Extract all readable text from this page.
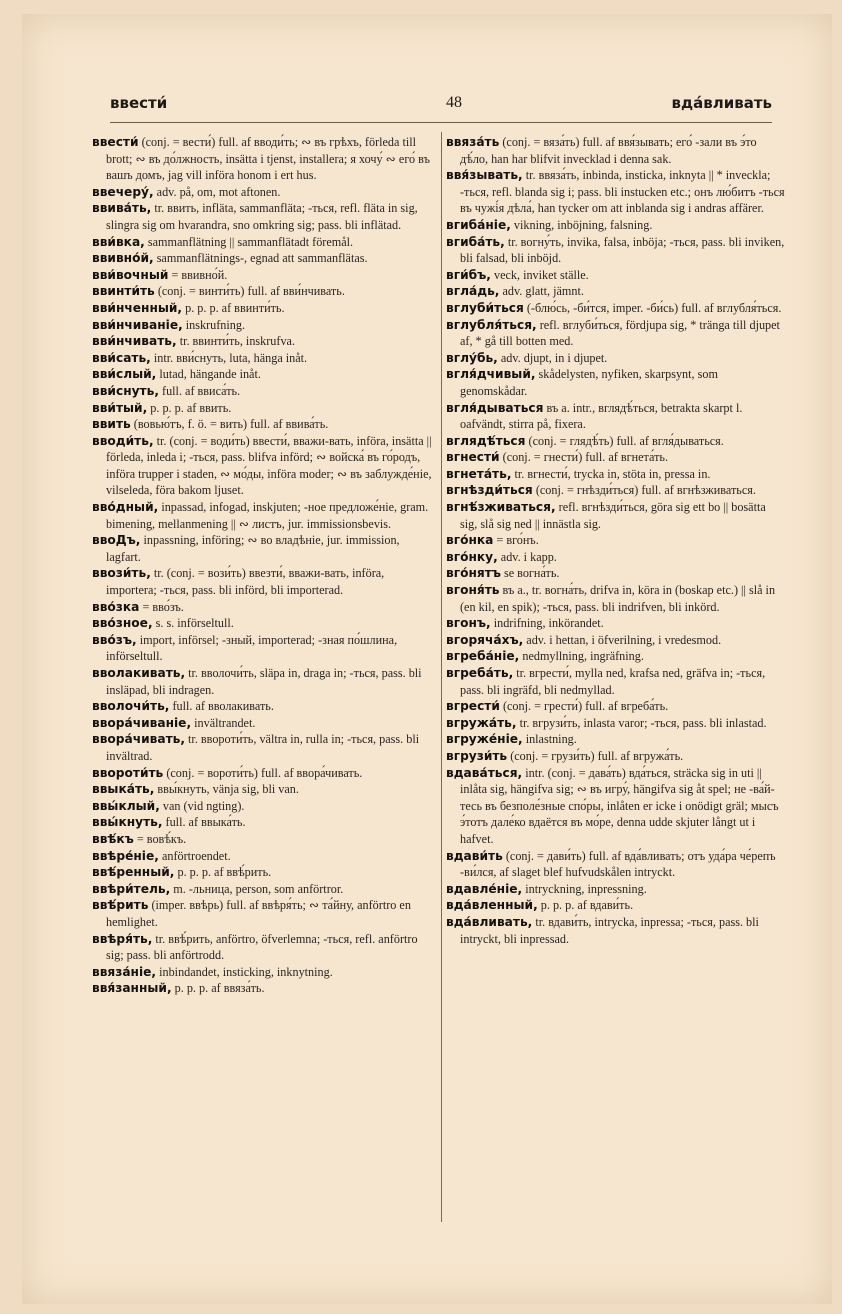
ввести́	48	вда́вливать

ввести́ (conj. = вести́) full. af вводи́ть; ∾ въ грѣхъ, förleda till brott; ∾ въ до́лжность, insätta i tjenst, installera; я хочу́ ∾ его́ въ вашъ домъ, jag vill införa honom i ert hus.

ввечеру́, adv. på, om, mot aftonen.

ввива́ть, tr. ввить, infläta, sammanfläta; -ться, refl. fläta in sig, slingra sig om hvarandra, sno omkring sig; pass. bli inflätad.

вви́вка, sammanflätning || sammanflätadt föremål.

ввивно́й, sammanflätnings-, egnad att sammanflätas.

вви́вочный = ввивно́й.

ввинти́ть (conj. = винти́ть) full. af вви́нчивать.

вви́нченный, p. p. p. af ввинти́ть.

вви́нчиваніе, inskrufning.

вви́нчивать, tr. ввинти́ть, inskrufva.

вви́сать, intr. вви́снуть, luta, hänga inåt.

вви́слый, lutad, hängande inåt.

вви́снуть, full. af ввиса́ть.

вви́тый, p. p. p. af ввить.

ввить (вовью́тъ, f. ö. = вить) full. af ввива́ть.

вводи́ть, tr. (conj. = води́ть) ввести́, вважи-вать, införa, insätta || förleda, inleda i; -ться, pass. blifva införd; ∾ войска́ въ го́родъ, införa trupper i staden, ∾ мо́ды, införa moder; ∾ въ заблужде́ніе, vilseleda, föra bakom ljuset.

вво́дный, inpassad, infogad, inskjuten; -ное предложе́ніе, gram. bimening, mellanmening || ∾ листъ, jur. immissionsbevis.

ввоДъ, inpassning, införing; ∾ во владѣніе, jur. immission, lagfart.

ввози́ть, tr. (conj. = вози́ть) ввезти́, вважи-вать, införa, importera; -ться, pass. bli införd, bli importerad.

вво́зка = вво́зъ.

вво́зное, s. s. införseltull.

вво́зъ, import, införsel; -зный, importerad; -зная по́шлина, införseltull.

вволакивать, tr. вволочи́ть, släpa in, draga in; -ться, pass. bli insläpad, bli indragen.

вволочи́ть, full. af вволакивать.

ввора́чиваніе, invältrandet.

ввора́чивать, tr. вворoти́ть, vältra in, rulla in; -ться, pass. bli invältrad.

вворoти́ть (conj. = вороти́ть) full. af ввора́чивать.

ввыка́ть, ввы́кнуть, vänja sig, bli van.

ввы́клый, van (vid ngting).

ввы́кнуть, full. af ввыка́ть.

ввѣ́къ = вовѣ́къ.

ввѣре́ніе, anförtroendet.

ввѣ́ренный, p. p. p. af ввѣ́рить.

ввѣри́тель, m. -льница, person, som anförtror.

ввѣ́рить (imper. ввѣрь) full. af ввѣря́ть; ∾ та́йну, anförtro en hemlighet.

ввѣря́ть, tr. ввѣ́рить, anförtro, öfverlemna; -ться, refl. anförtro sig; pass. bli anförtrodd.

ввяза́ніе, inbindandet, insticking, inknytning.

ввя́занный, p. p. p. af ввяза́ть.

ввяза́ть (conj. = вяза́ть) full. af ввя́зывать; его́ -зали въ э́то дѣ́ло, han har blifvit invecklad i denna sak.

ввя́зывать, tr. ввяза́ть, inbinda, insticka, inknyta || * inveckla; -ться, refl. blanda sig i; pass. bli instucken etc.; онъ лю́битъ -ться въ чужі́я дѣла́, han tycker om att inblanda sig i andras affärer.

вгиба́ніе, vikning, inböjning, falsning.

вгиба́ть, tr. вогну́ть, invika, falsa, inböja; -ться, pass. bli inviken, bli falsad, bli inböjd.

вги́бъ, veck, inviket ställe.

вгла́дь, adv. glatt, jämnt.

вглуби́ться (-блю́сь, -би́тся, imper. -би́сь) full. af вглубля́ться.

вглубля́ться, refl. вглуби́ться, fördjupa sig, * tränga till djupet af, * gå till botten med.

вглу́бь, adv. djupt, in i djupet.

вгля́дчивый, skådelysten, nyfiken, skarpsynt, som genomskådar.

вгля́дываться въ a. intr., вглядѣ́ться, betrakta skarpt l. oafvändt, stirra på, fixera.

вглядѣ́ться (conj. = глядѣ́ть) full. af вгля́дываться.

вгнести́ (conj. = гнести́) full. af вгнета́ть.

вгнета́ть, tr. вгнести́, trycka in, stöta in, pressa in.

вгнѣзди́ться (conj. = гнѣзди́ться) full. af вгнѣзживаться.

вгнѣ́зживаться, refl. вгнѣзди́ться, göra sig ett bo || bosätta sig, slå sig ned || innästla sig.

вго́нка = вго́нъ.

вго́нку, adv. i kapp.

вго́нятъ se вогна́ть.

вгоня́ть въ a., tr. вогна́ть, drifva in, köra in (boskap etc.) || slå in (en kil, en spik); -ться, pass. bli indrifven, bli inkörd.

вгонъ, indrifning, inkörandet.

вгоряча́хъ, adv. i hettan, i öfverilning, i vredesmod.

вгреба́ніе, nedmyllning, ingräfning.

вгреба́ть, tr. вгрести́, mylla ned, krafsa ned, gräfva in; -ться, pass. bli ingräfd, bli nedmyllad.

вгрести́ (conj. = грести́) full. af вгреба́ть.

вгружа́ть, tr. вгрузи́ть, inlasta varor; -ться, pass. bli inlastad.

вгруже́ніе, inlastning.

вгрузи́ть (conj. = грузи́ть) full. af вгружа́ть.

вдава́ться, intr. (conj. = дава́ть) вда́ться, sträcka sig in uti || inlåta sig, hängifva sig; ∾ въ игру́, hängifva sig åt spel; не -ва́й-тесь въ безполе́зные спо́ры, inlåten er icke i onödigt gräl; мысъ э́тотъ дале́ко вдаётся въ мо́ре, denna udde skjuter långt ut i hafvet.

вдави́ть (conj. = дави́ть) full. af вда́вливать; отъ уда́ра че́репъ -ви́лся, af slaget blef hufvudskålen intryckt.

вдавле́ніе, intryckning, inpressning.

вда́вленный, p. p. p. af вдави́ть.

вда́вливать, tr. вдави́ть, intrycka, inpressa; -ться, pass. bli intryckt, bli inpressad.
